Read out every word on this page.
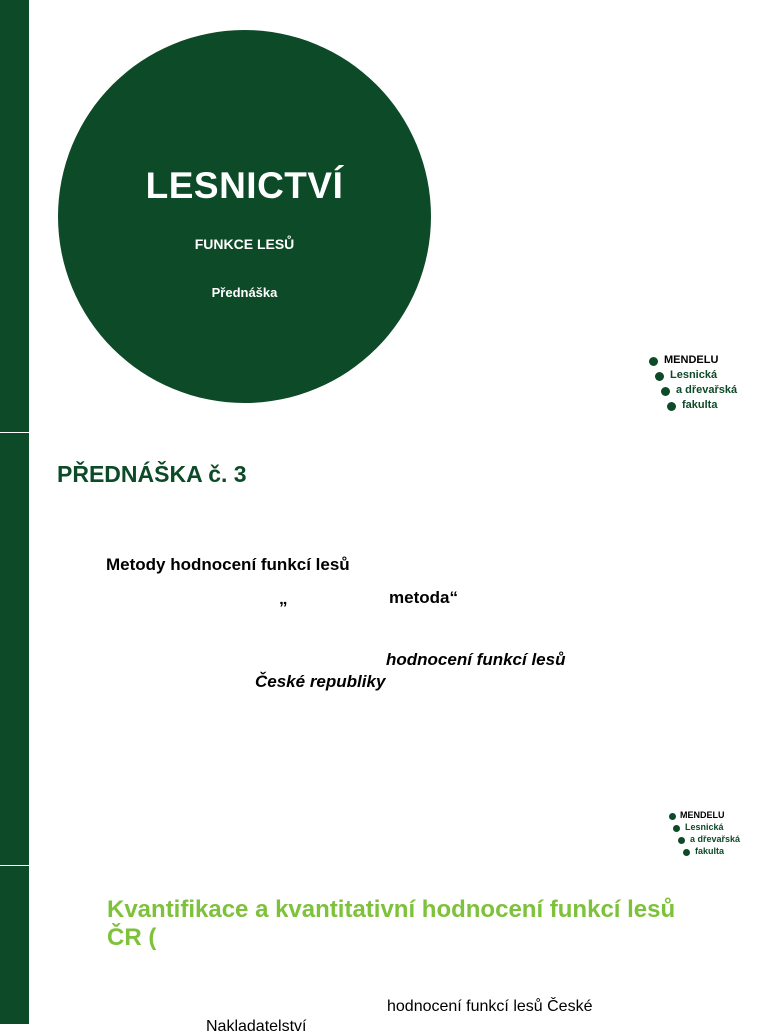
LESNICTVÍ
FUNKCE LESŮ
Přednáška
MENDELU
Lesnická
a dřevařská
fakulta
PŘEDNÁŠKA č. 3
Metody hodnocení funkcí lesů
„	metoda“
hodnocení funkcí lesů
České republiky
MENDELU
Lesnická
a dřevařská
fakulta
Kvantifikace a kvantitativní hodnocení funkcí lesů ČR (
hodnocení funkcí lesů České
Nakladatelství
